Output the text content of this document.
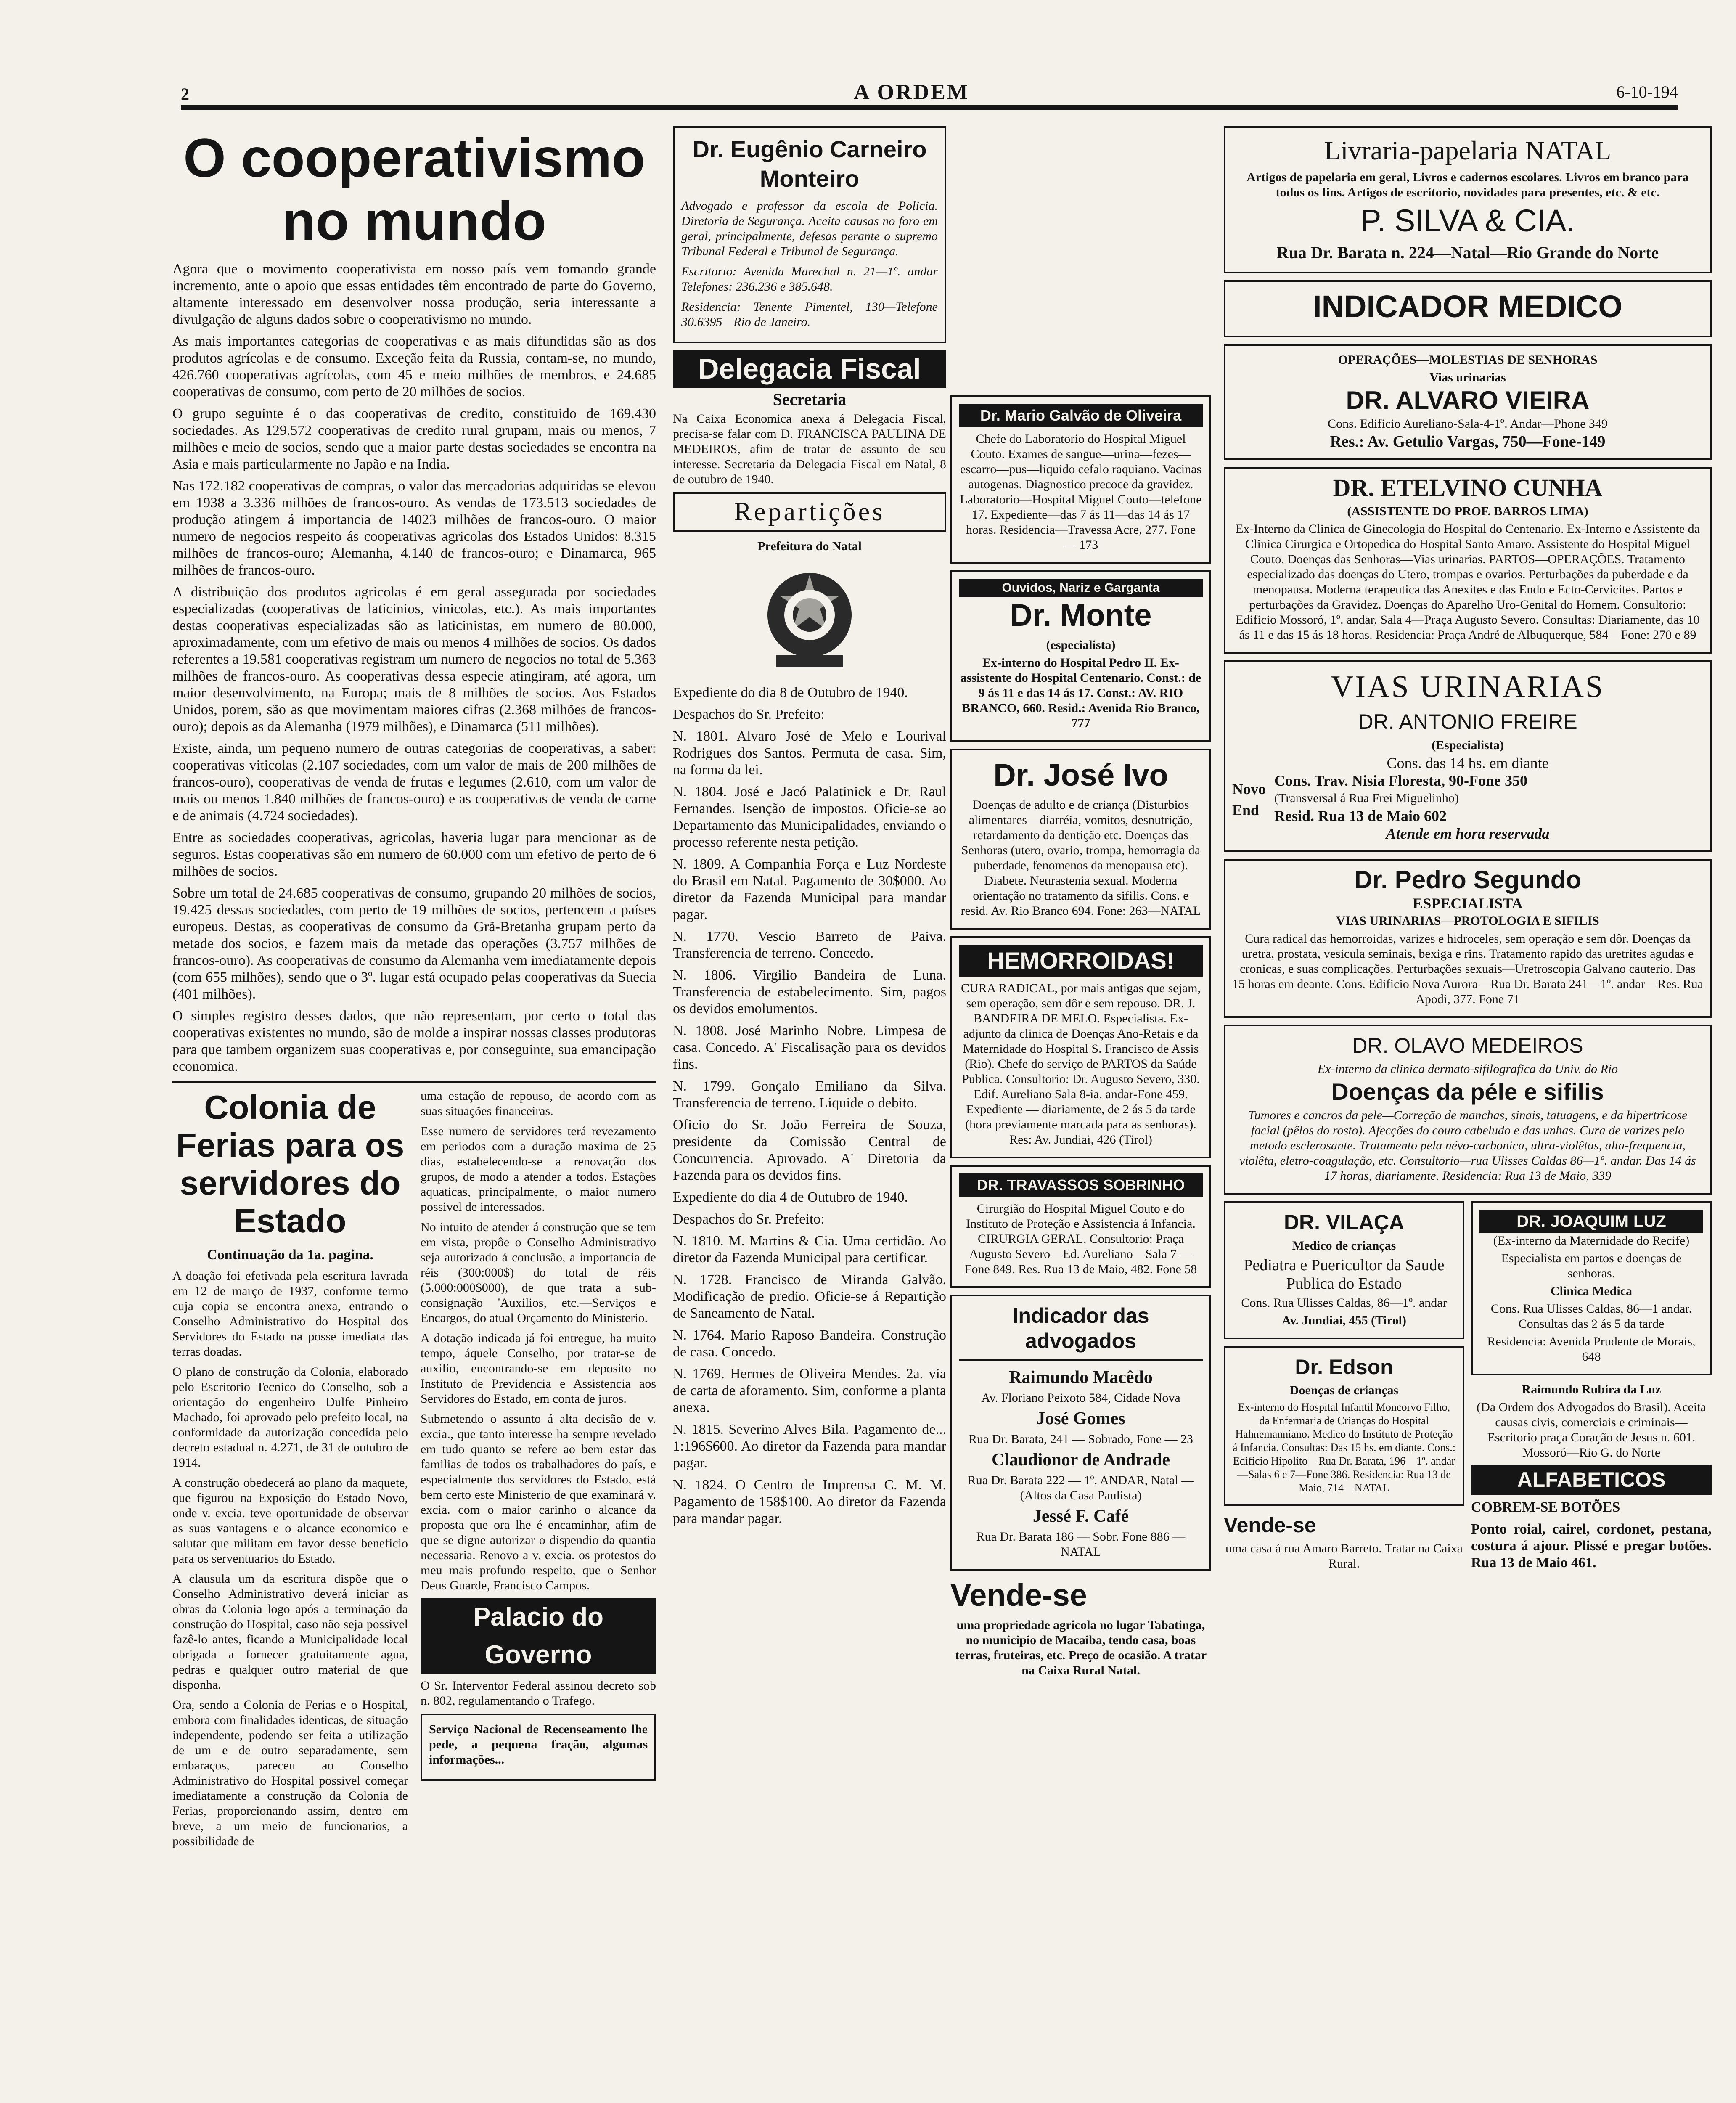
2	A ORDEM	6-10-194
O cooperativismo no mundo

Agora que o movimento cooperativista em nosso país vem tomando grande incremento, ante o apoio que essas entidades têm encontrado de parte do Governo, altamente interessado em desenvolver nossa produção, seria interessante a divulgação de alguns dados sobre o cooperativismo no mundo.

As mais importantes categorias de cooperativas e as mais difundidas são as dos produtos agrícolas e de consumo. Exceção feita da Russia, contam-se, no mundo, 426.760 cooperativas agrícolas, com 45 e meio milhões de membros, e 24.685 cooperativas de consumo, com perto de 20 milhões de socios.

O grupo seguinte é o das cooperativas de credito, constituido de 169.430 sociedades. As 129.572 cooperativas de credito rural grupam, mais ou menos, 7 milhões e meio de socios, sendo que a maior parte destas sociedades se encontra na Asia e mais particularmente no Japão e na India.

Nas 172.182 cooperativas de compras, o valor das mercadorias adquiridas se elevou em 1938 a 3.336 milhões de francos-ouro. As vendas de 173.513 sociedades de produção atingem á importancia de 14023 milhões de francos-ouro. O maior numero de negocios respeito ás cooperativas agricolas dos Estados Unidos: 8.315 milhões de francos-ouro; Alemanha, 4.140 de francos-ouro; e Dinamarca, 965 milhões de francos-ouro.

A distribuição dos produtos agricolas é em geral assegurada por sociedades especializadas (cooperativas de laticinios, vinicolas, etc.). As mais importantes destas cooperativas especializadas são as laticinistas, em numero de 80.000, aproximadamente, com um efetivo de mais ou menos 4 milhões de socios. Os dados referentes a 19.581 cooperativas registram um numero de negocios no total de 5.363 milhões de francos-ouro. As cooperativas dessa especie atingiram, até agora, um maior desenvolvimento, na Europa; mais de 8 milhões de socios. Aos Estados Unidos, porem, são as que movimentam maiores cifras (2.368 milhões de francos-ouro); depois as da Alemanha (1979 milhões), e Dinamarca (511 milhões).

Existe, ainda, um pequeno numero de outras categorias de cooperativas, a saber: cooperativas viticolas (2.107 sociedades, com um valor de mais de 200 milhões de francos-ouro), cooperativas de venda de frutas e legumes (2.610, com um valor de mais ou menos 1.840 milhões de francos-ouro) e as cooperativas de venda de carne e de animais (4.724 sociedades).

Entre as sociedades cooperativas, agricolas, haveria lugar para mencionar as de seguros. Estas cooperativas são em numero de 60.000 com um efetivo de perto de 6 milhões de socios.

Sobre um total de 24.685 cooperativas de consumo, grupando 20 milhões de socios, 19.425 dessas sociedades, com perto de 19 milhões de socios, pertencem a países europeus. Destas, as cooperativas de consumo da Grã-Bretanha grupam perto da metade dos socios, e fazem mais da metade das operações (3.757 milhões de francos-ouro). As cooperativas de consumo da Alemanha vem imediatamente depois (com 655 milhões), sendo que o 3º. lugar está ocupado pelas cooperativas da Suecia (401 milhões).

O simples registro desses dados, que não representam, por certo o total das cooperativas existentes no mundo, são de molde a inspirar nossas classes produtoras para que tambem organizem suas cooperativas e, por conseguinte, sua emancipação economica.

Colonia de Ferias para os servidores do Estado

Continuação da 1a. pagina.

A doação foi efetivada pela escritura lavrada em 12 de março de 1937, conforme termo cuja copia se encontra anexa, entrando o Conselho Administrativo do Hospital dos Servidores do Estado na posse imediata das terras doadas.

O plano de construção da Colonia, elaborado pelo Escritorio Tecnico do Conselho, sob a orientação do engenheiro Dulfe Pinheiro Machado, foi aprovado pelo prefeito local, na conformidade da autorização concedida pelo decreto estadual n. 4.271, de 31 de outubro de 1914.

A construção obedecerá ao plano da maquete, que figurou na Exposição do Estado Novo, onde v. excia. teve oportunidade de observar as suas vantagens e o alcance economico e salutar que militam em favor desse beneficio para os serventuarios do Estado.

A clausula um da escritura dispõe que o Conselho Administrativo deverá iniciar as obras da Colonia logo após a terminação da construção do Hospital, caso não seja possivel fazê-lo antes, ficando a Municipalidade local obrigada a fornecer gratuitamente agua, pedras e qualquer outro material de que disponha.

Ora, sendo a Colonia de Ferias e o Hospital, embora com finalidades identicas, de situação independente, podendo ser feita a utilização de um e de outro separadamente, sem embaraços, pareceu ao Conselho Administrativo do Hospital possivel começar imediatamente a construção da Colonia de Ferias, proporcionando assim, dentro em breve, a um meio de funcionarios, a possibilidade de

uma estação de repouso, de acordo com as suas situações financeiras.

Esse numero de servidores terá revezamento em periodos com a duração maxima de 25 dias, estabelecendo-se a renovação dos grupos, de modo a atender a todos. Estações aquaticas, principalmente, o maior numero possivel de interessados.

No intuito de atender á construção que se tem em vista, propôe o Conselho Administrativo seja autorizado á conclusão, a importancia de réis (300:000$) do total de réis (5.000:000$000), de que trata a sub-consignação 'Auxilios, etc.—Serviços e Encargos, do atual Orçamento do Ministerio.

A dotação indicada já foi entregue, ha muito tempo, áquele Conselho, por tratar-se de auxilio, encontrando-se em deposito no Instituto de Previdencia e Assistencia aos Servidores do Estado, em conta de juros.

Submetendo o assunto á alta decisão de v. excia., que tanto interesse ha sempre revelado em tudo quanto se refere ao bem estar das familias de todos os trabalhadores do país, e especialmente dos servidores do Estado, está bem certo este Ministerio de que examinará v. excia. com o maior carinho o alcance da proposta que ora lhe é encaminhar, afim de que se digne autorizar o dispendio da quantia necessaria. Renovo a v. excia. os protestos do meu mais profundo respeito, que o Senhor Deus Guarde, Francisco Campos.

Palacio do Governo

O Sr. Interventor Federal assinou decreto sob n. 802, regulamentando o Trafego.

Serviço Nacional de Recenseamento lhe pede, a pequena fração, algumas informações...

Dr. Eugênio Carneiro Monteiro

Advogado e professor da escola de Policia. Diretoria de Segurança. Aceita causas no foro em geral, principalmente, defesas perante o supremo Tribunal Federal e Tribunal de Segurança.

Escritorio: Avenida Marechal n. 21—1º. andar Telefones: 236.236 e 385.648.

Residencia: Tenente Pimentel, 130—Telefone 30.6395—Rio de Janeiro.

Delegacia Fiscal

Secretaria

Na Caixa Economica anexa á Delegacia Fiscal, precisa-se falar com D. FRANCISCA PAULINA DE MEDEIROS, afim de tratar de assunto de seu interesse. Secretaria da Delegacia Fiscal em Natal, 8 de outubro de 1940.

Repartições

Prefeitura do Natal

Expediente do dia 8 de Outubro de 1940.

Despachos do Sr. Prefeito:

N. 1801. Alvaro José de Melo e Lourival Rodrigues dos Santos. Permuta de casa. Sim, na forma da lei.

N. 1804. José e Jacó Palatinick e Dr. Raul Fernandes. Isenção de impostos. Oficie-se ao Departamento das Municipalidades, enviando o processo referente nesta petição.

N. 1809. A Companhia Força e Luz Nordeste do Brasil em Natal. Pagamento de 30$000. Ao diretor da Fazenda Municipal para mandar pagar.

N. 1770. Vescio Barreto de Paiva. Transferencia de terreno. Concedo.

N. 1806. Virgilio Bandeira de Luna. Transferencia de estabelecimento. Sim, pagos os devidos emolumentos.

N. 1808. José Marinho Nobre. Limpesa de casa. Concedo. A' Fiscalisação para os devidos fins.

N. 1799. Gonçalo Emiliano da Silva. Transferencia de terreno. Liquide o debito.

Oficio do Sr. João Ferreira de Souza, presidente da Comissão Central de Concurrencia. Aprovado. A' Diretoria da Fazenda para os devidos fins.

Expediente do dia 4 de Outubro de 1940.

Despachos do Sr. Prefeito:

N. 1810. M. Martins & Cia. Uma certidão. Ao diretor da Fazenda Municipal para certificar.

N. 1728. Francisco de Miranda Galvão. Modificação de predio. Oficie-se á Repartição de Saneamento de Natal.

N. 1764. Mario Raposo Bandeira. Construção de casa. Concedo.

N. 1769. Hermes de Oliveira Mendes. 2a. via de carta de aforamento. Sim, conforme a planta anexa.

N. 1815. Severino Alves Bila. Pagamento de... 1:196$600. Ao diretor da Fazenda para mandar pagar.

N. 1824. O Centro de Imprensa C. M. M. Pagamento de 158$100. Ao diretor da Fazenda para mandar pagar.

Dr. Mario Galvão de Oliveira

Chefe do Laboratorio do Hospital Miguel Couto. Exames de sangue—urina—fezes—escarro—pus—liquido cefalo raquiano. Vacinas autogenas. Diagnostico precoce da gravidez. Laboratorio—Hospital Miguel Couto—telefone 17. Expediente—das 7 ás 11—das 14 ás 17 horas. Residencia—Travessa Acre, 277. Fone — 173

Ouvidos, Nariz e Garganta
Dr. Monte

(especialista)

Ex-interno do Hospital Pedro II. Ex-assistente do Hospital Centenario. Const.: de 9 ás 11 e das 14 ás 17. Const.: AV. RIO BRANCO, 660. Resid.: Avenida Rio Branco, 777

Dr. José Ivo

Doenças de adulto e de criança (Disturbios alimentares—diarréia, vomitos, desnutrição, retardamento da dentição etc. Doenças das Senhoras (utero, ovario, trompa, hemorragia da puberdade, fenomenos da menopausa etc). Diabete. Neurastenia sexual. Moderna orientação no tratamento da sifilis. Cons. e resid. Av. Rio Branco 694. Fone: 263—NATAL

HEMORROIDAS!

CURA RADICAL, por mais antigas que sejam, sem operação, sem dôr e sem repouso. DR. J. BANDEIRA DE MELO. Especialista. Ex-adjunto da clinica de Doenças Ano-Retais e da Maternidade do Hospital S. Francisco de Assis (Rio). Chefe do serviço de PARTOS da Saúde Publica. Consultorio: Dr. Augusto Severo, 330. Edif. Aureliano Sala 8-ia. andar-Fone 459. Expediente — diariamente, de 2 ás 5 da tarde (hora previamente marcada para as senhoras). Res: Av. Jundiai, 426 (Tirol)

DR. TRAVASSOS SOBRINHO

Cirurgião do Hospital Miguel Couto e do Instituto de Proteção e Assistencia á Infancia. CIRURGIA GERAL. Consultorio: Praça Augusto Severo—Ed. Aureliano—Sala 7 — Fone 849. Res. Rua 13 de Maio, 482. Fone 58

Indicador das advogados

Raimundo Macêdo

Av. Floriano Peixoto 584, Cidade Nova

José Gomes

Rua Dr. Barata, 241 — Sobrado, Fone — 23

Claudionor de Andrade

Rua Dr. Barata 222 — 1º. ANDAR, Natal — (Altos da Casa Paulista)

Jessé F. Café

Rua Dr. Barata 186 — Sobr. Fone 886 — NATAL

Vende-se

uma propriedade agricola no lugar Tabatinga, no municipio de Macaiba, tendo casa, boas terras, fruteiras, etc. Preço de ocasião. A tratar na Caixa Rural Natal.

Livraria-papelaria NATAL

Artigos de papelaria em geral, Livros e cadernos escolares. Livros em branco para todos os fins. Artigos de escritorio, novidades para presentes, etc. & etc.

P. SILVA & CIA.

Rua Dr. Barata n. 224—Natal—Rio Grande do Norte

INDICADOR MEDICO

OPERAÇÕES—MOLESTIAS DE SENHORAS

Vias urinarias

DR. ALVARO VIEIRA

Cons. Edificio Aureliano-Sala-4-1º. Andar—Phone 349

Res.: Av. Getulio Vargas, 750—Fone-149

DR. ETELVINO CUNHA

(ASSISTENTE DO PROF. BARROS LIMA)

Ex-Interno da Clinica de Ginecologia do Hospital do Centenario. Ex-Interno e Assistente da Clinica Cirurgica e Ortopedica do Hospital Santo Amaro. Assistente do Hospital Miguel Couto. Doenças das Senhoras—Vias urinarias. PARTOS—OPERAÇÕES. Tratamento especializado das doenças do Utero, trompas e ovarios. Perturbações da puberdade e da menopausa. Moderna terapeutica das Anexites e das Endo e Ecto-Cervicites. Partos e perturbações da Gravidez. Doenças do Aparelho Uro-Genital do Homem. Consultorio: Edificio Mossoró, 1º. andar, Sala 4—Praça Augusto Severo. Consultas: Diariamente, das 10 ás 11 e das 15 ás 18 horas. Residencia: Praça André de Albuquerque, 584—Fone: 270 e 89

VIAS URINARIAS
DR. ANTONIO FREIRE

(Especialista)

Cons. das 14 hs. em diante

Novo
End

Cons. Trav. Nisia Floresta, 90-Fone 350

(Transversal á Rua Frei Miguelinho)

Resid. Rua 13 de Maio 602

Atende em hora reservada

Dr. Pedro Segundo

ESPECIALISTA

VIAS URINARIAS—PROTOLOGIA E SIFILIS

Cura radical das hemorroidas, varizes e hidroceles, sem operação e sem dôr. Doenças da uretra, prostata, vesicula seminais, bexiga e rins. Tratamento rapido das uretrites agudas e cronicas, e suas complicações. Perturbações sexuais—Uretroscopia Galvano cauterio. Das 15 horas em deante. Cons. Edificio Nova Aurora—Rua Dr. Barata 241—1º. andar—Res. Rua Apodi, 377. Fone 71

DR. OLAVO MEDEIROS

Ex-interno da clinica dermato-sifilografica da Univ. do Rio

Doenças da péle e sifilis

Tumores e cancros da pele—Correção de manchas, sinais, tatuagens, e da hipertricose facial (pêlos do rosto). Afecções do couro cabeludo e das unhas. Cura de varizes pelo metodo esclerosante. Tratamento pela névo-carbonica, ultra-violêtas, alta-frequencia, violêta, eletro-coagulação, etc. Consultorio—rua Ulisses Caldas 86—1º. andar. Das 14 ás 17 horas, diariamente. Residencia: Rua 13 de Maio, 339

DR. VILAÇA

Medico de crianças

Pediatra e Puericultor da Saude Publica do Estado

Cons. Rua Ulisses Caldas, 86—1º. andar

Av. Jundiai, 455 (Tirol)

Dr. Edson

Doenças de crianças

Ex-interno do Hospital Infantil Moncorvo Filho, da Enfermaria de Crianças do Hospital Hahnemanniano. Medico do Instituto de Proteção á Infancia. Consultas: Das 15 hs. em diante. Cons.: Edificio Hipolito—Rua Dr. Barata, 196—1º. andar—Salas 6 e 7—Fone 386. Residencia: Rua 13 de Maio, 714—NATAL

Vende-se

uma casa á rua Amaro Barreto. Tratar na Caixa Rural.

DR. JOAQUIM LUZ

(Ex-interno da Maternidade do Recife)

Especialista em partos e doenças de senhoras.

Clinica Medica

Cons. Rua Ulisses Caldas, 86—1 andar. Consultas das 2 ás 5 da tarde

Residencia: Avenida Prudente de Morais, 648

Raimundo Rubira da Luz

(Da Ordem dos Advogados do Brasil). Aceita causas civis, comerciais e criminais—Escritorio praça Coração de Jesus n. 601. Mossoró—Rio G. do Norte

ALFABETICOS

COBREM-SE BOTÕES

Ponto roial, cairel, cordonet, pestana, costura á ajour. Plissé e pregar botões. Rua 13 de Maio 461.
